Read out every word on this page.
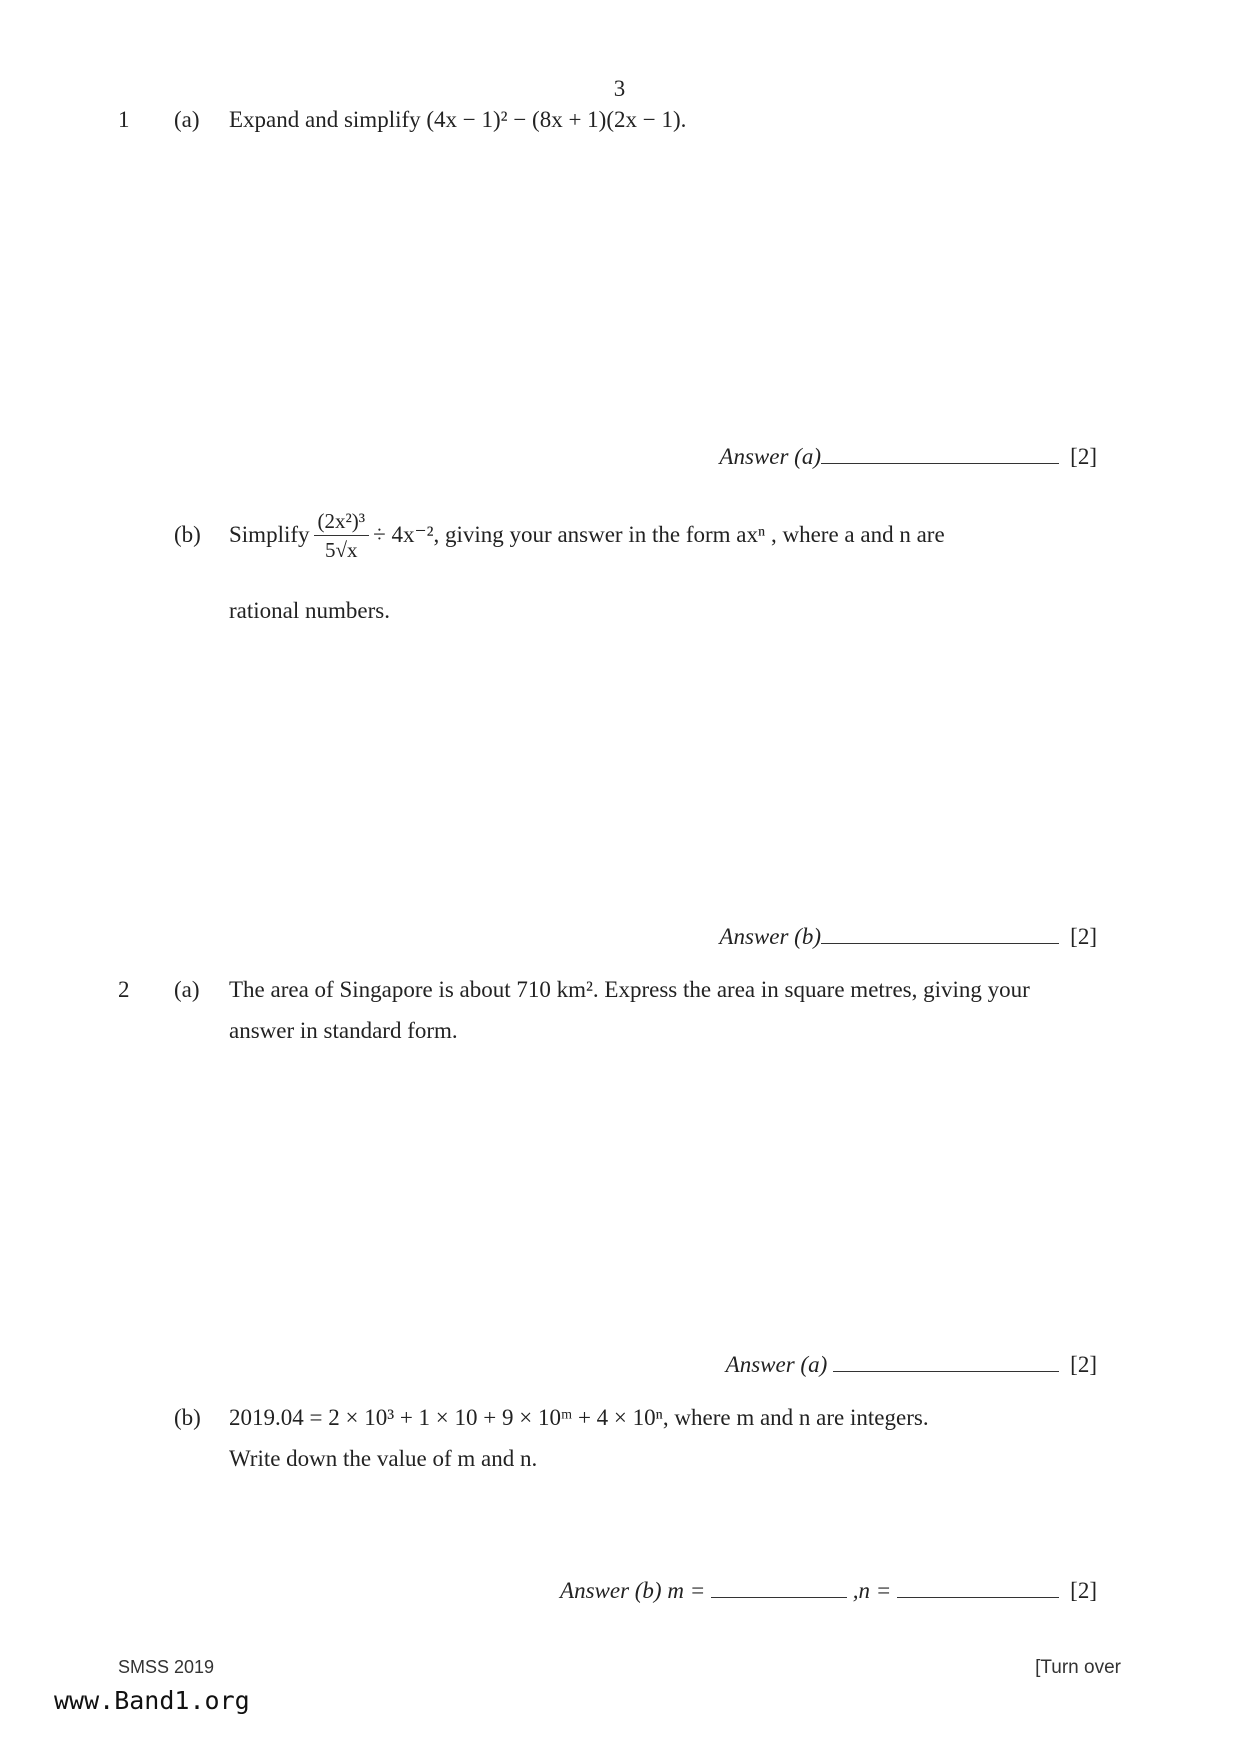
3
1 (a) Expand and simplify (4x − 1)² − (8x + 1)(2x − 1).
Answer (a)	[2]
(b) Simplify $\frac{\text{(2x²)³}}{5√x} \div 4x^{-2}$ , giving your answer in the form axⁿ , where a and n are
rational numbers.
Answer (b)	[2]
2 (a) The area of Singapore is about 710 km². Express the area in square metres, giving your
answer in standard form.
Answer (a)	[2]
(b) 2019.04 = 2 × 10³ + 1 × 10 + 9 × 10ᵐ + 4 × 10ⁿ, where m and n are integers.
Write down the value of m and n.
Answer (b) m =	,n =	[2]
SMSS 2019	[Turn over
www.Band1.org
